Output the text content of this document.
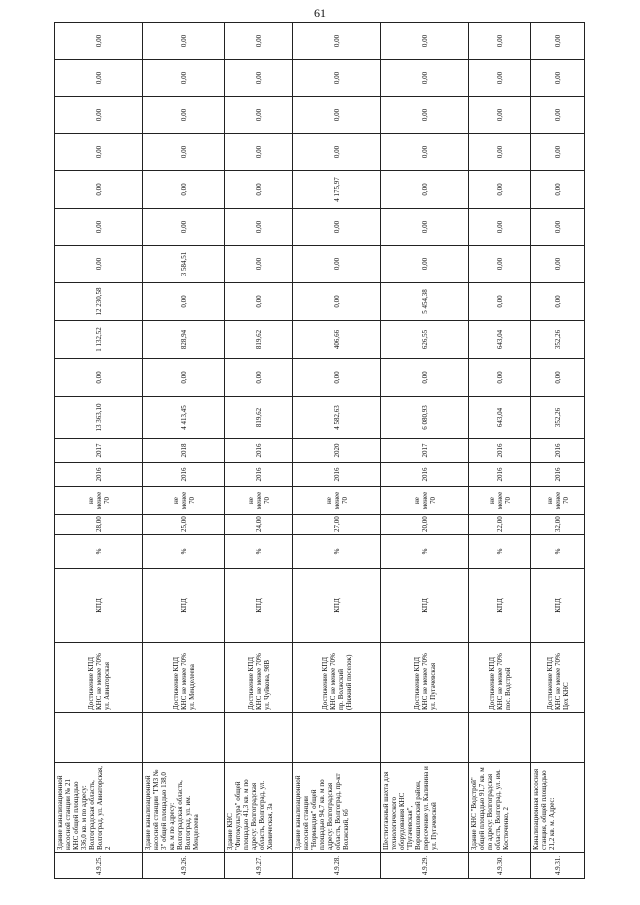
61
4.9.25.	Здание канализационной насосной станции № 21 КНС общей площадью 336,0 кв. м по адресу: Волгоградская область, Волгоград, ул. Авиаторская, 2		Достижение КПД КНС не менее 70% ул. Авиаторская	КПД	%	28,00	не менее 70	2016	2017	13 363,10	0,00	1 132,52	12 230,58	0,00	0,00	0,00	0,00	0,00	0,00	0,00
4.9.26.	Здание канализационной насосной станции "ГМЗ № 3" общей площадью 138,0 кв. м по адресу: Волгоградская область, Волгоград, ул. им. Менделеева		Достижение КПД КНС не менее 70% ул. Менделеева	КПД	%	25,00	не менее 70	2016	2018	4 413,45	0,00	828,94	0,00	3 584,51	0,00	0,00	0,00	0,00	0,00	0,00
4.9.27.	Здание КНС "Фитокультура" общей площадью 41,3 кв. м по адресу: Волгоградская область, Волгоград, ул. Химическая, 3а		Достижение КПД КНС не менее 70% ул. Чуйкова, 98В	КПД	%	24,00	не менее 70	2016	2016	819,62	0,00	819,62	0,00	0,00	0,00	0,00	0,00	0,00	0,00	0,00
4.9.28.	Здание канализационной насосной станции "Нормандия" общей площадью 94,7 кв. м по адресу: Волгоградская область, Волгоград, пр-кт Волжский, 6б		Достижение КПД КНС не менее 70% пр. Волжский (Нижний поселок)	КПД	%	27,00	не менее 70	2016	2020	4 582,63	0,00	406,66	0,00	0,00	0,00	4 175,97	0,00	0,00	0,00	0,00
4.9.29.	Шестиэтажный шахта для технологического оборудования КНС "Пугачевская", Ворошиловский район, пересечение ул. Калинина и ул. Пугачевской		Достижение КПД КНС не менее 70% ул. Пугачевская	КПД	%	20,00	не менее 70	2016	2017	6 080,93	0,00	626,55	5 454,38	0,00	0,00	0,00	0,00	0,00	0,00	0,00
4.9.30.	Здание КНС "Водстрой" общей площадью 91,7 кв. м по адресу: Волгоградская область, Волгоград, ул. им. Костюченко, 2		Достижение КПД КНС не менее 70% пос. Водстрой	КПД	%	22,00	не менее 70	2016	2016	643,04	0,00	643,04	0,00	0,00	0,00	0,00	0,00	0,00	0,00	0,00
4.9.31.	Канализационная насосная станция, общей площадью 21,2 кв. м. Адрес:		Достижение КПД КНС не менее 70% Цех КНС	КПД	%	32,00	не менее 70	2016	2016	352,26	0,00	352,26	0,00	0,00	0,00	0,00	0,00	0,00	0,00	0,00
